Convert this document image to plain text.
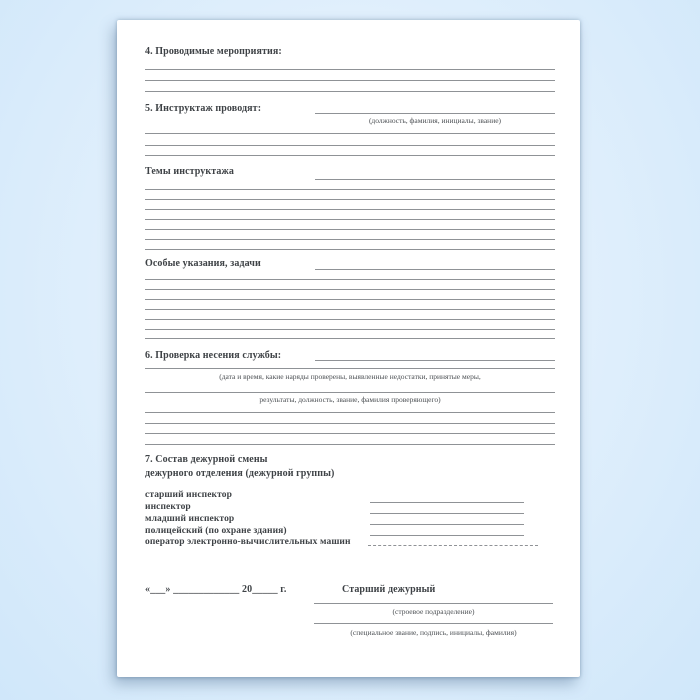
4. Проводимые мероприятия:
5. Инструктаж проводят:
(должность, фамилия, инициалы, звание)
Темы инструктажа
Особые указания, задачи
6. Проверка несения службы:
(дата и время, какие наряды проверены, выявленные недостатки, принятые меры,
результаты, должность, звание, фамилия проверяющего)
7. Состав дежурной смены
дежурного отделения (дежурной группы)
старший инспектор
инспектор
младший инспектор
полицейский (по охране здания)
оператор электронно-вычислительных машин
«___» _____________ 20_____ г.	Старший дежурный
(строевое подразделение)
(специальное звание, подпись, инициалы, фамилия)
